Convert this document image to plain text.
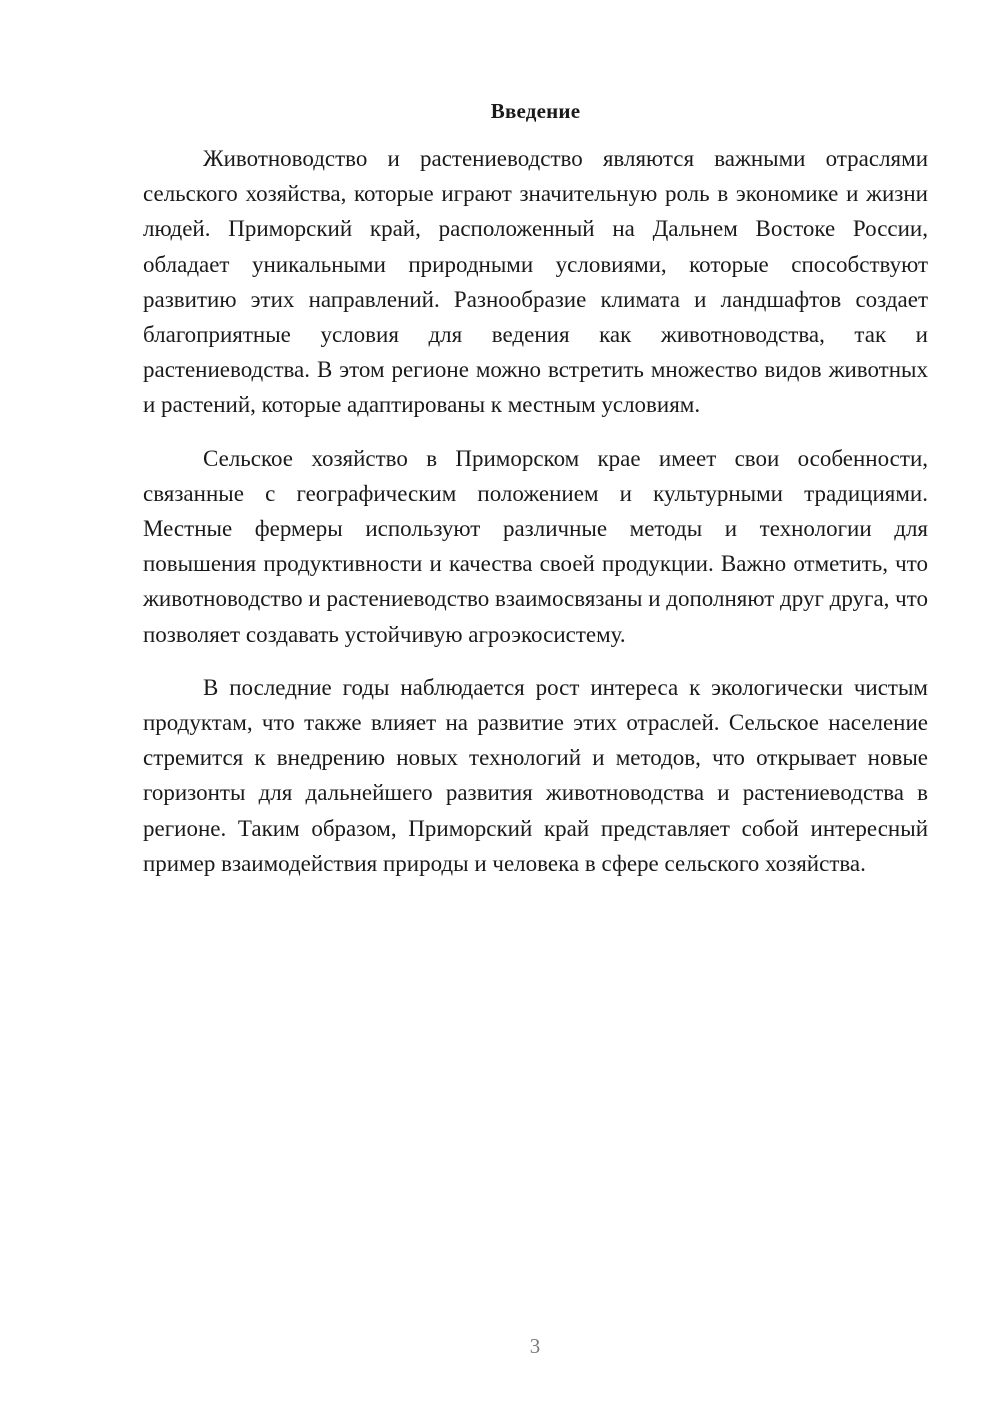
Введение

Животноводство и растениеводство являются важными отраслями сельского хозяйства, которые играют значительную роль в экономике и жизни людей. Приморский край, расположенный на Дальнем Востоке России, обладает уникальными природными условиями, которые способствуют развитию этих направлений. Разнообразие климата и ландшафтов создает благоприятные условия для ведения как животноводства, так и растениеводства. В этом регионе можно встретить множество видов животных и растений, которые адаптированы к местным условиям.

Сельское хозяйство в Приморском крае имеет свои особенности, связанные с географическим положением и культурными традициями. Местные фермеры используют различные методы и технологии для повышения продуктивности и качества своей продукции. Важно отметить, что животноводство и растениеводство взаимосвязаны и дополняют друг друга, что позволяет создавать устойчивую агроэкосистему.

В последние годы наблюдается рост интереса к экологически чистым продуктам, что также влияет на развитие этих отраслей. Сельское население стремится к внедрению новых технологий и методов, что открывает новые горизонты для дальнейшего развития животноводства и растениеводства в регионе. Таким образом, Приморский край представляет собой интересный пример взаимодействия природы и человека в сфере сельского хозяйства.

3
